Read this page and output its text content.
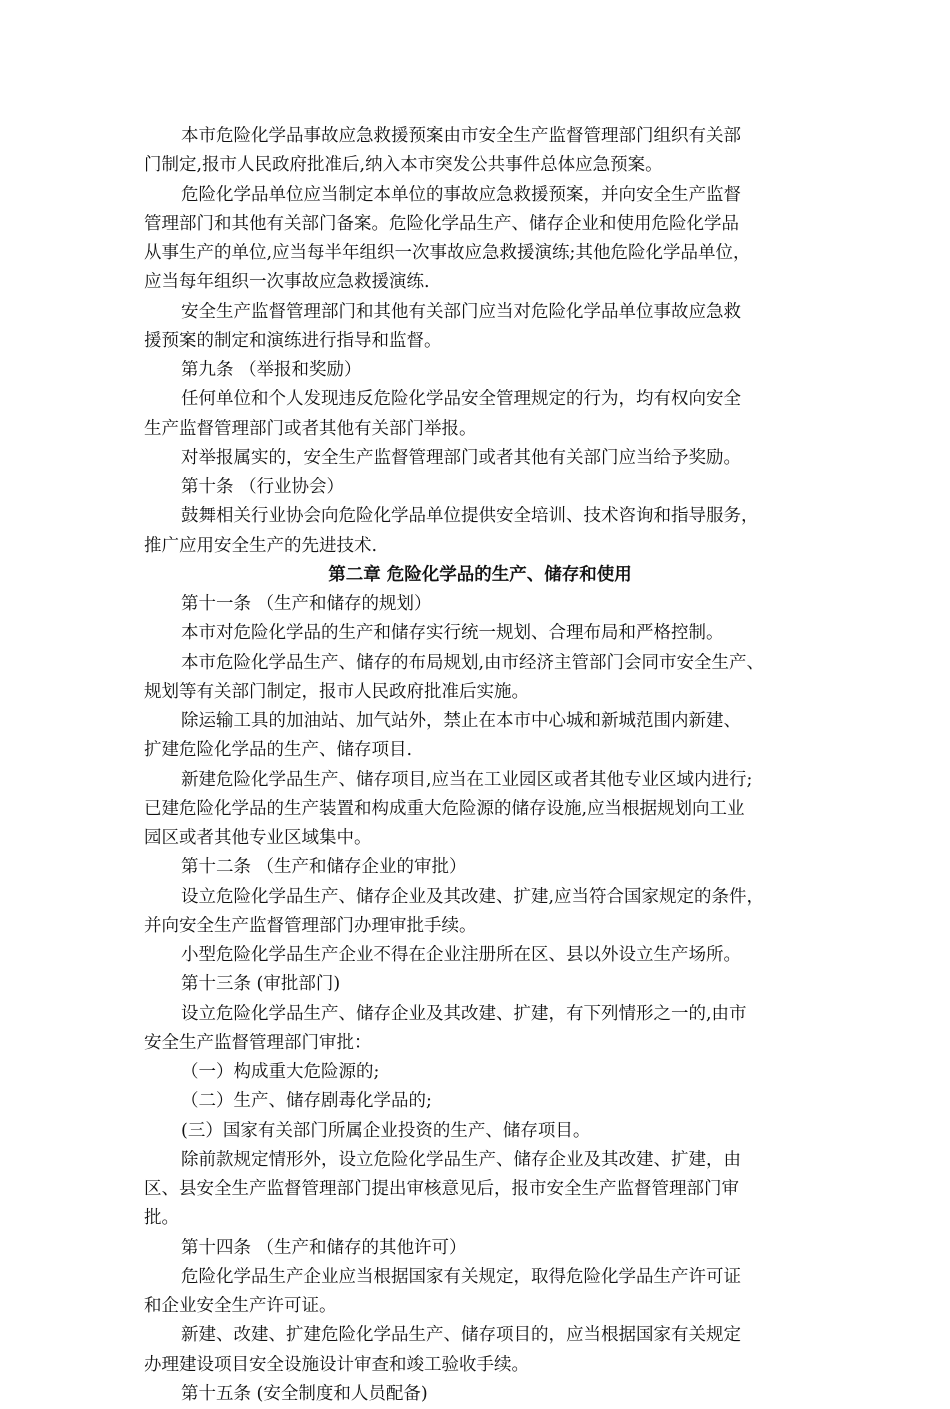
本市危险化学品事故应急救援预案由市安全生产监督管理部门组织有关部
门制定,报市人民政府批准后,纳入本市突发公共事件总体应急预案。
危险化学品单位应当制定本单位的事故应急救援预案，并向安全生产监督
管理部门和其他有关部门备案。危险化学品生产、储存企业和使用危险化学品
从事生产的单位,应当每半年组织一次事故应急救援演练;其他危险化学品单位，
应当每年组织一次事故应急救援演练.
安全生产监督管理部门和其他有关部门应当对危险化学品单位事故应急救
援预案的制定和演练进行指导和监督。
第九条 （举报和奖励）
任何单位和个人发现违反危险化学品安全管理规定的行为，均有权向安全
生产监督管理部门或者其他有关部门举报。
对举报属实的，安全生产监督管理部门或者其他有关部门应当给予奖励。
第十条 （行业协会）
鼓舞相关行业协会向危险化学品单位提供安全培训、技术咨询和指导服务，
推广应用安全生产的先进技术.
第二章 危险化学品的生产、储存和使用
第十一条 （生产和储存的规划）
本市对危险化学品的生产和储存实行统一规划、合理布局和严格控制。
本市危险化学品生产、储存的布局规划,由市经济主管部门会同市安全生产、
规划等有关部门制定，报市人民政府批准后实施。
除运输工具的加油站、加气站外，禁止在本市中心城和新城范围内新建、
扩建危险化学品的生产、储存项目.
新建危险化学品生产、储存项目,应当在工业园区或者其他专业区域内进行;
已建危险化学品的生产装置和构成重大危险源的储存设施,应当根据规划向工业
园区或者其他专业区域集中。
第十二条 （生产和储存企业的审批）
设立危险化学品生产、储存企业及其改建、扩建,应当符合国家规定的条件，
并向安全生产监督管理部门办理审批手续。
小型危险化学品生产企业不得在企业注册所在区、县以外设立生产场所。
第十三条 (审批部门)
设立危险化学品生产、储存企业及其改建、扩建，有下列情形之一的,由市
安全生产监督管理部门审批：
（一）构成重大危险源的;
（二）生产、储存剧毒化学品的;
(三）国家有关部门所属企业投资的生产、储存项目。
除前款规定情形外，设立危险化学品生产、储存企业及其改建、扩建，由
区、县安全生产监督管理部门提出审核意见后，报市安全生产监督管理部门审
批。
第十四条 （生产和储存的其他许可）
危险化学品生产企业应当根据国家有关规定，取得危险化学品生产许可证
和企业安全生产许可证。
新建、改建、扩建危险化学品生产、储存项目的，应当根据国家有关规定
办理建设项目安全设施设计审查和竣工验收手续。
第十五条 (安全制度和人员配备)
